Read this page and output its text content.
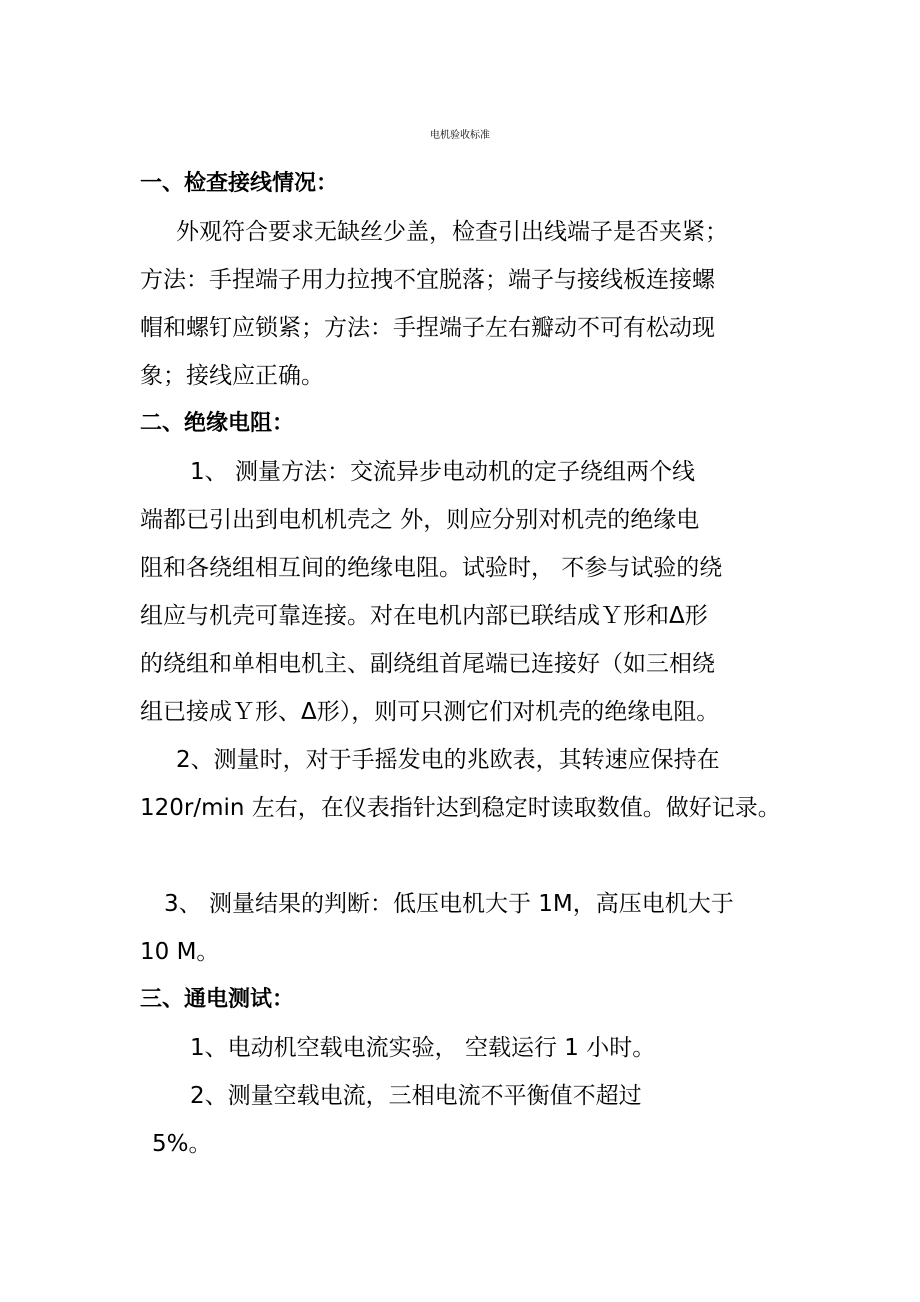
电机验收标准
一、检查接线情况：
外观符合要求无缺丝少盖，检查引出线端子是否夹紧；
方法：手捏端子用力拉拽不宜脱落；端子与接线板连接螺
帽和螺钉应锁紧；方法：手捏端子左右瓣动不可有松动现
象；接线应正确。
二、绝缘电阻：
1、 测量方法：交流异步电动机的定子绕组两个线
端都已引出到电机机壳之 外，则应分别对机壳的绝缘电
阻和各绕组相互间的绝缘电阻。试验时， 不参与试验的绕
组应与机壳可靠连接。对在电机内部已联结成Ｙ形和Δ形
的绕组和单相电机主、副绕组首尾端已连接好（如三相绕
组已接成Ｙ形、Δ形），则可只测它们对机壳的绝缘电阻。
2、测量时，对于手摇发电的兆欧表，其转速应保持在
120r/min 左右，在仪表指针达到稳定时读取数值。做好记录。
3、 测量结果的判断：低压电机大于 1M，高压电机大于
10 M。
三、通电测试：
1、电动机空载电流实验， 空载运行 1 小时。
2、测量空载电流，三相电流不平衡值不超过
5%。
